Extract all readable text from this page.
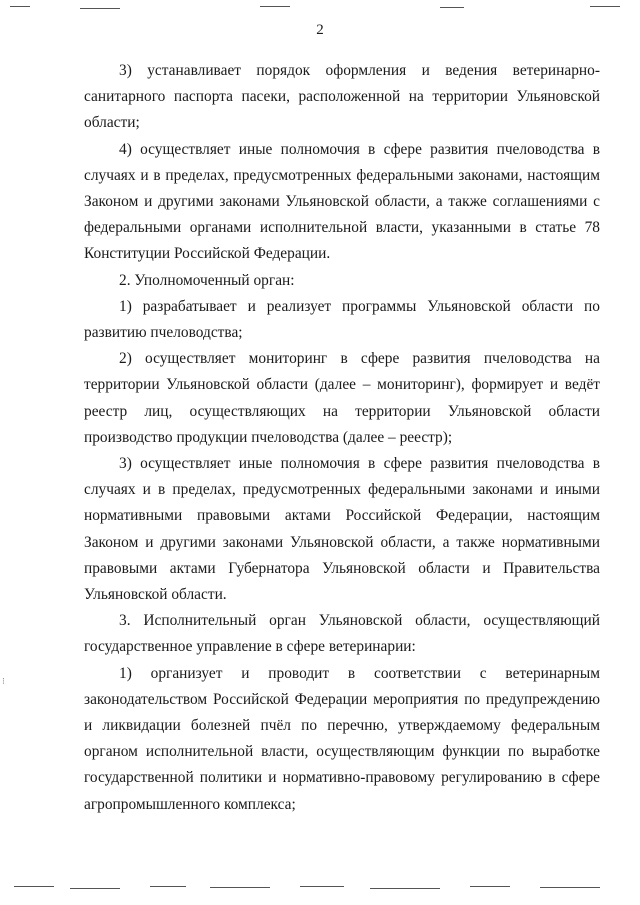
2

3) устанавливает порядок оформления и ведения ветеринарно-санитарного паспорта пасеки, расположенной на территории Ульяновской области;

4) осуществляет иные полномочия в сфере развития пчеловодства в случаях и в пределах, предусмотренных федеральными законами, настоящим Законом и другими законами Ульяновской области, а также соглашениями с федеральными органами исполнительной власти, указанными в статье 78 Конституции Российской Федерации.

2. Уполномоченный орган:

1) разрабатывает и реализует программы Ульяновской области по развитию пчеловодства;

2) осуществляет мониторинг в сфере развития пчеловодства на территории Ульяновской области (далее – мониторинг), формирует и ведёт реестр лиц, осуществляющих на территории Ульяновской области производство продукции пчеловодства (далее – реестр);

3) осуществляет иные полномочия в сфере развития пчеловодства в случаях и в пределах, предусмотренных федеральными законами и иными нормативными правовыми актами Российской Федерации, настоящим Законом и другими законами Ульяновской области, а также нормативными правовыми актами Губернатора Ульяновской области и Правительства Ульяновской области.

3. Исполнительный орган Ульяновской области, осуществляющий государственное управление в сфере ветеринарии:

1) организует и проводит в соответствии с ветеринарным законодательством Российской Федерации мероприятия по предупреждению и ликвидации болезней пчёл по перечню, утверждаемому федеральным органом исполнительной власти, осуществляющим функции по выработке государственной политики и нормативно-правовому регулированию в сфере агропромышленного комплекса;

⁝
